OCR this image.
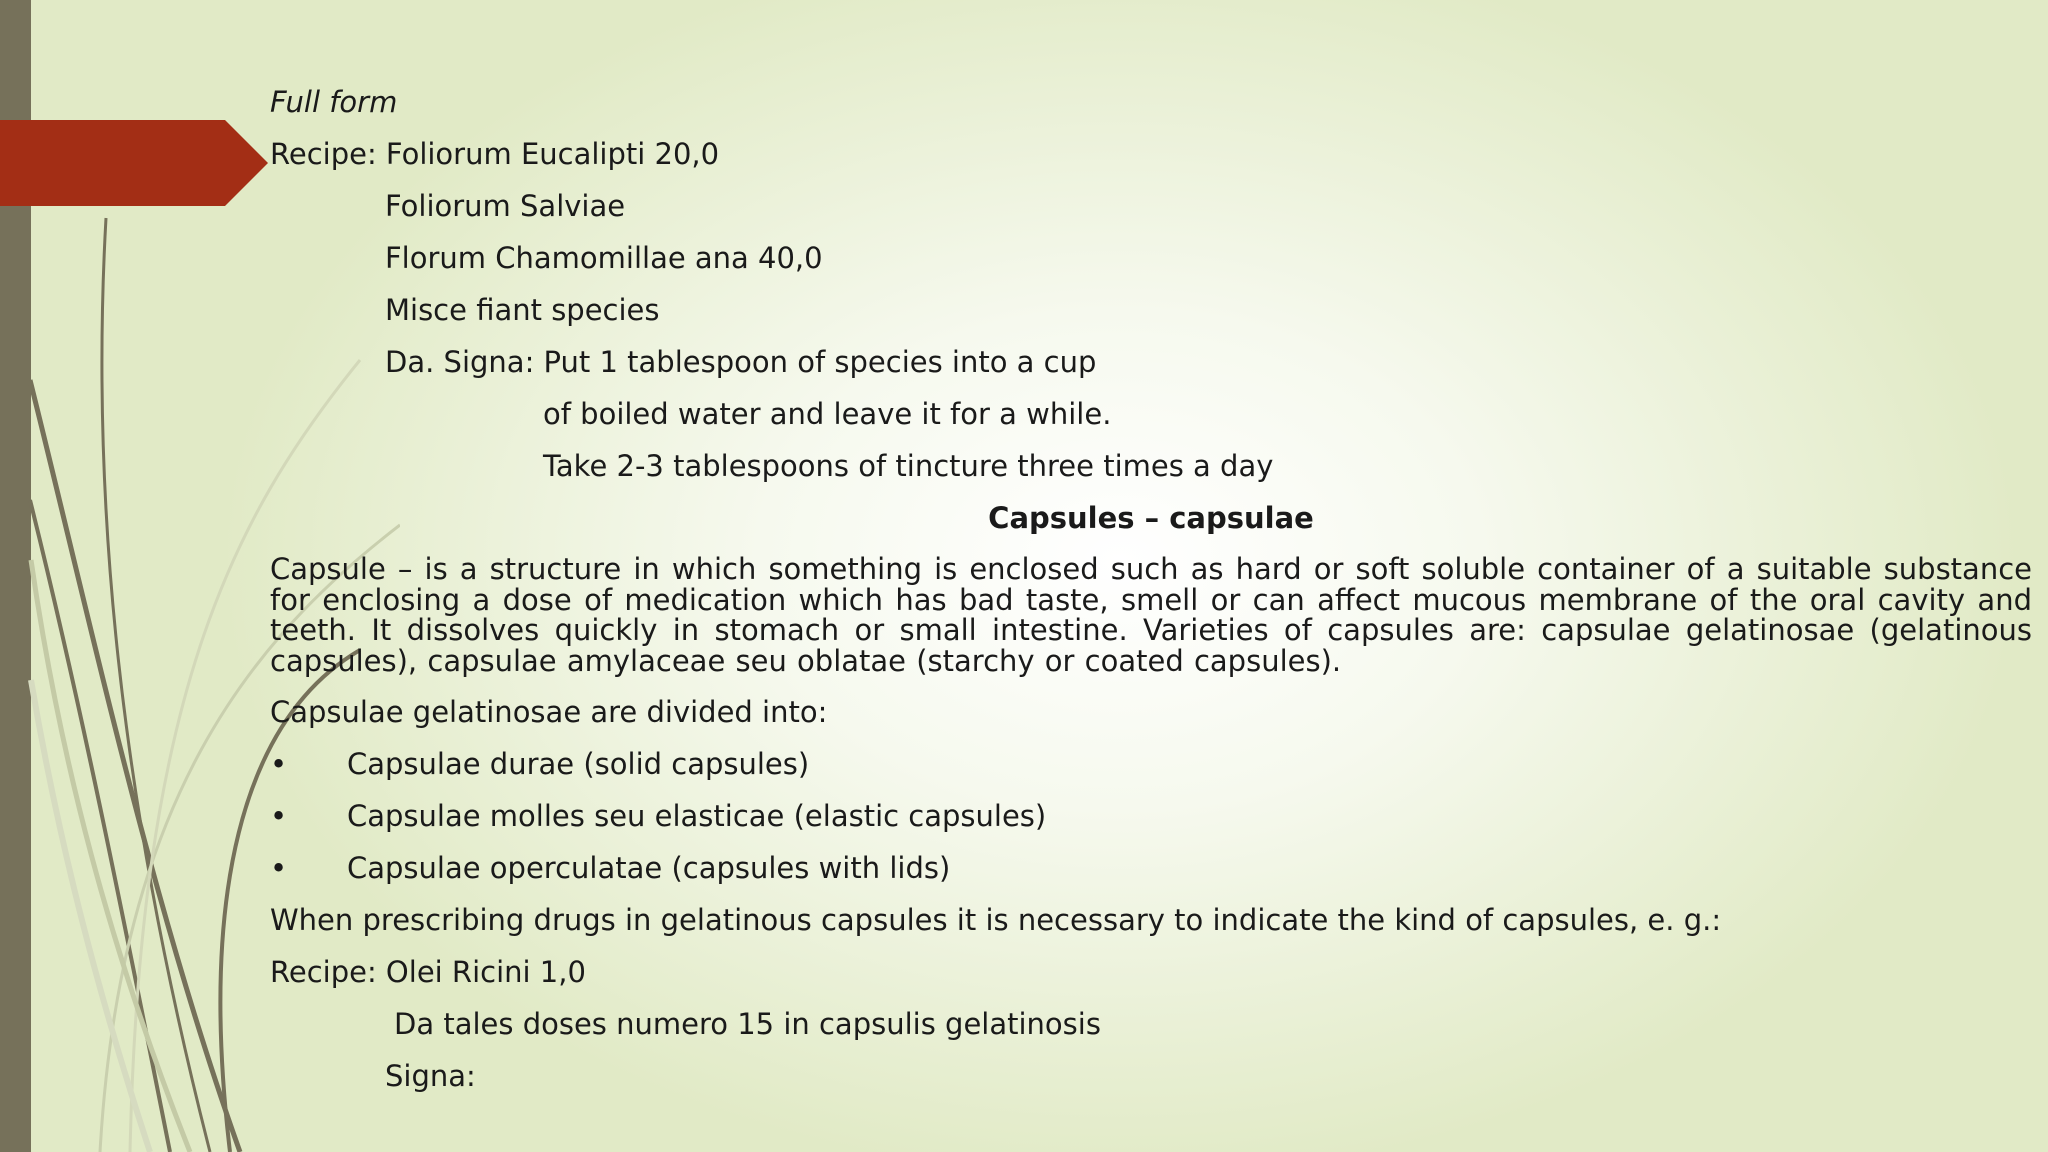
Full form
Recipe: Foliorum Eucalipti 20,0
Foliorum Salviae
Florum Chamomillae ana 40,0
Misce fiant species
Da. Signa: Put 1 tablespoon of species into a cup
of boiled water and leave it for a while.
Take 2-3 tablespoons of tincture three times a day
Capsules – capsulae
Capsule – is a structure in which something is enclosed such as hard or soft soluble container of a suitable substance for enclosing a dose of medication which has bad taste, smell or can affect mucous membrane of the oral cavity and teeth. It dissolves quickly in stomach or small intestine. Varieties of capsules are: capsulae gelatinosae (gelatinous capsules), capsulae amylaceae seu oblatae (starchy or coated capsules).
Capsulae gelatinosae are divided into:
•	Capsulae durae (solid capsules)
•	Capsulae molles seu elasticae (elastic capsules)
•	Capsulae operculatae (capsules with lids)
When prescribing drugs in gelatinous capsules it is necessary to indicate the kind of capsules, e. g.:
Recipe: Olei Ricini 1,0
Da tales doses numero 15 in capsulis gelatinosis
Signa:
